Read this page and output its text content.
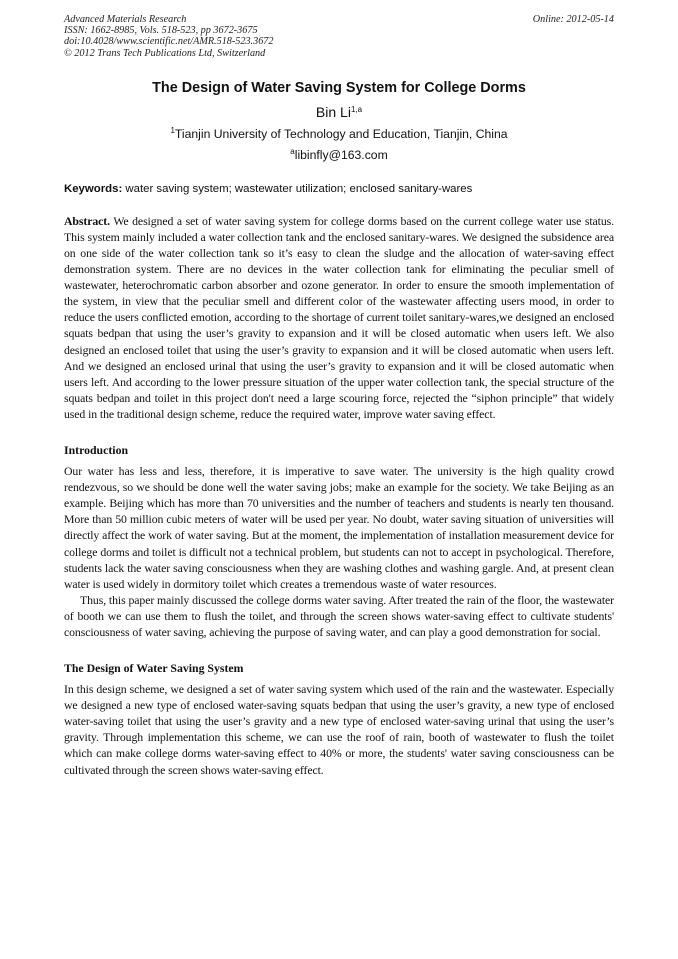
Advanced Materials Research
ISSN: 1662-8985, Vols. 518-523, pp 3672-3675
doi:10.4028/www.scientific.net/AMR.518-523.3672
© 2012 Trans Tech Publications Ltd, Switzerland
Online: 2012-05-14
The Design of Water Saving System for College Dorms
Bin Li$^{1,a}$
$^1$Tianjin University of Technology and Education, Tianjin, China
$^a$libinfly@163.com
Keywords: water saving system; wastewater utilization; enclosed sanitary-wares

Abstract. We designed a set of water saving system for college dorms based on the current college water use status. This system mainly included a water collection tank and the enclosed sanitary-wares. We designed the subsidence area on one side of the water collection tank so it’s easy to clean the sludge and the allocation of water-saving effect demonstration system. There are no devices in the water collection tank for eliminating the peculiar smell of wastewater, heterochromatic carbon absorber and ozone generator. In order to ensure the smooth implementation of the system, in view that the peculiar smell and different color of the wastewater affecting users mood, in order to reduce the users conflicted emotion, according to the shortage of current toilet sanitary-wares,we designed an enclosed squats bedpan that using the user’s gravity to expansion and it will be closed automatic when users left. We also designed an enclosed toilet that using the user’s gravity to expansion and it will be closed automatic when users left. And we designed an enclosed urinal that using the user’s gravity to expansion and it will be closed automatic when users left. And according to the lower pressure situation of the upper water collection tank, the special structure of the squats bedpan and toilet in this project don't need a large scouring force, rejected the “siphon principle” that widely used in the traditional design scheme, reduce the required water, improve water saving effect.

Introduction

Our water has less and less, therefore, it is imperative to save water. The university is the high quality crowd rendezvous, so we should be done well the water saving jobs; make an example for the society. We take Beijing as an example. Beijing which has more than 70 universities and the number of teachers and students is nearly ten thousand. More than 50 million cubic meters of water will be used per year. No doubt, water saving situation of universities will directly affect the work of water saving. But at the moment, the implementation of installation measurement device for college dorms and toilet is difficult not a technical problem, but students can not to accept in psychological. Therefore, students lack the water saving consciousness when they are washing clothes and washing gargle. And, at present clean water is used widely in dormitory toilet which creates a tremendous waste of water resources.

Thus, this paper mainly discussed the college dorms water saving. After treated the rain of the floor, the wastewater of booth we can use them to flush the toilet, and through the screen shows water-saving effect to cultivate students' consciousness of water saving, achieving the purpose of saving water, and can play a good demonstration for social.

The Design of Water Saving System

In this design scheme, we designed a set of water saving system which used of the rain and the wastewater. Especially we designed a new type of enclosed water-saving squats bedpan that using the user’s gravity, a new type of enclosed water-saving toilet that using the user’s gravity and a new type of enclosed water-saving urinal that using the user’s gravity. Through implementation this scheme, we can use the roof of rain, booth of wastewater to flush the toilet which can make college dorms water-saving effect to 40% or more, the students' water saving consciousness can be cultivated through the screen shows water-saving effect.
